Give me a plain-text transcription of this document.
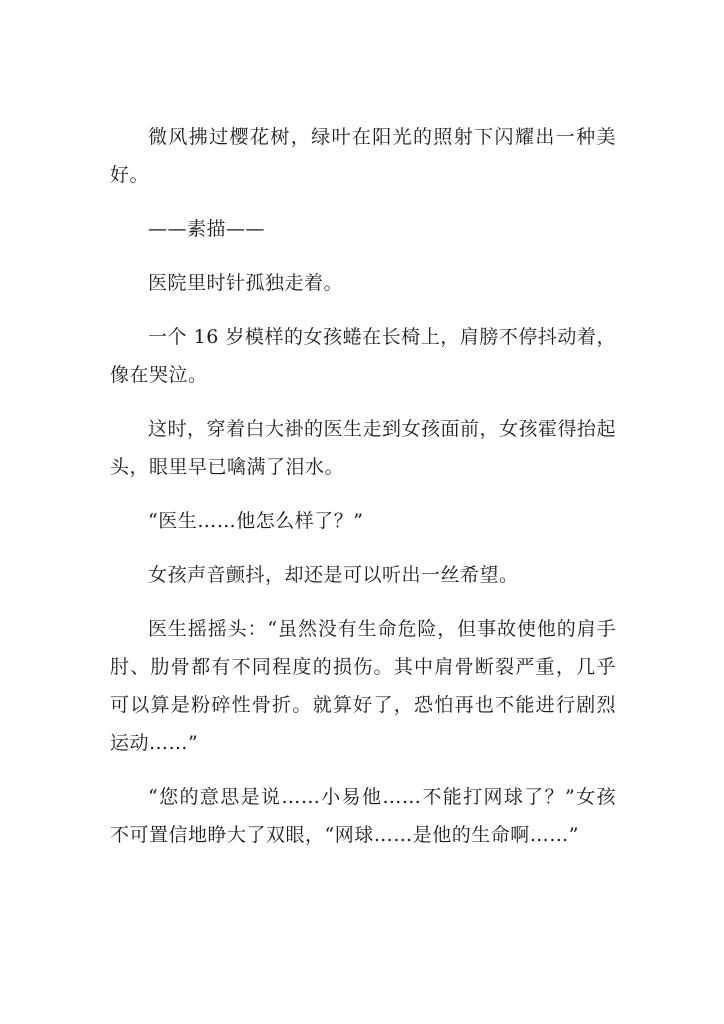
微风拂过樱花树，绿叶在阳光的照射下闪耀出一种美好。

——素描——

医院里时针孤独走着。

一个 16 岁模样的女孩蜷在长椅上，肩膀不停抖动着，像在哭泣。

这时，穿着白大褂的医生走到女孩面前，女孩霍得抬起头，眼里早已噙满了泪水。

“医生……他怎么样了？”

女孩声音颤抖，却还是可以听出一丝希望。

医生摇摇头：“虽然没有生命危险，但事故使他的肩手肘、肋骨都有不同程度的损伤。其中肩骨断裂严重，几乎可以算是粉碎性骨折。就算好了，恐怕再也不能进行剧烈运动……”

“您的意思是说……小易他……不能打网球了？”女孩不可置信地睁大了双眼，“网球……是他的生命啊……”
